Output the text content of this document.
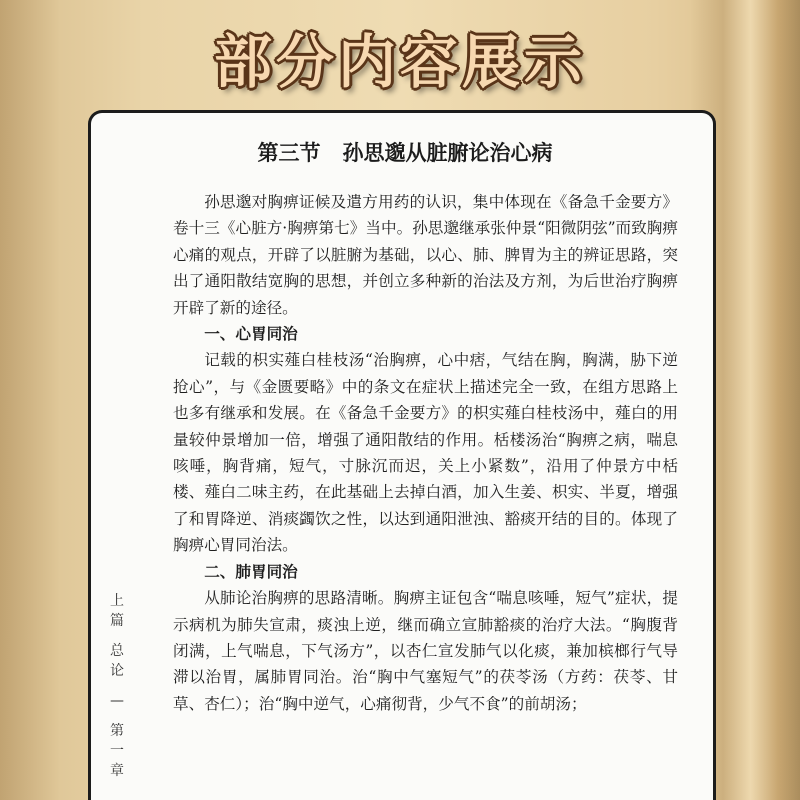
部分内容展示
上篇
总论
—
第一章
第三节 孙思邈从脏腑论治心病

孙思邈对胸痹证候及遣方用药的认识，集中体现在《备急千金要方》卷十三《心脏方·胸痹第七》当中。孙思邈继承张仲景“阳微阴弦”而致胸痹心痛的观点，开辟了以脏腑为基础，以心、肺、脾胃为主的辨证思路，突出了通阳散结宽胸的思想，并创立多种新的治法及方剂，为后世治疗胸痹开辟了新的途径。

一、心胃同治

记载的枳实薤白桂枝汤“治胸痹，心中痞，气结在胸，胸满，胁下逆抢心”，与《金匮要略》中的条文在症状上描述完全一致，在组方思路上也多有继承和发展。在《备急千金要方》的枳实薤白桂枝汤中，薤白的用量较仲景增加一倍，增强了通阳散结的作用。栝楼汤治“胸痹之病，喘息咳唾，胸背痛，短气，寸脉沉而迟，关上小紧数”，沿用了仲景方中栝楼、薤白二味主药，在此基础上去掉白酒，加入生姜、枳实、半夏，增强了和胃降逆、消痰蠲饮之性，以达到通阳泄浊、豁痰开结的目的。体现了胸痹心胃同治法。

二、肺胃同治

从肺论治胸痹的思路清晰。胸痹主证包含“喘息咳唾，短气”症状，提示病机为肺失宣肃，痰浊上逆，继而确立宣肺豁痰的治疗大法。“胸腹背闭满，上气喘息，下气汤方”，以杏仁宣发肺气以化痰，兼加槟榔行气导滞以治胃，属肺胃同治。治“胸中气塞短气”的茯苓汤（方药：茯苓、甘草、杏仁）；治“胸中逆气，心痛彻背，少气不食”的前胡汤；
